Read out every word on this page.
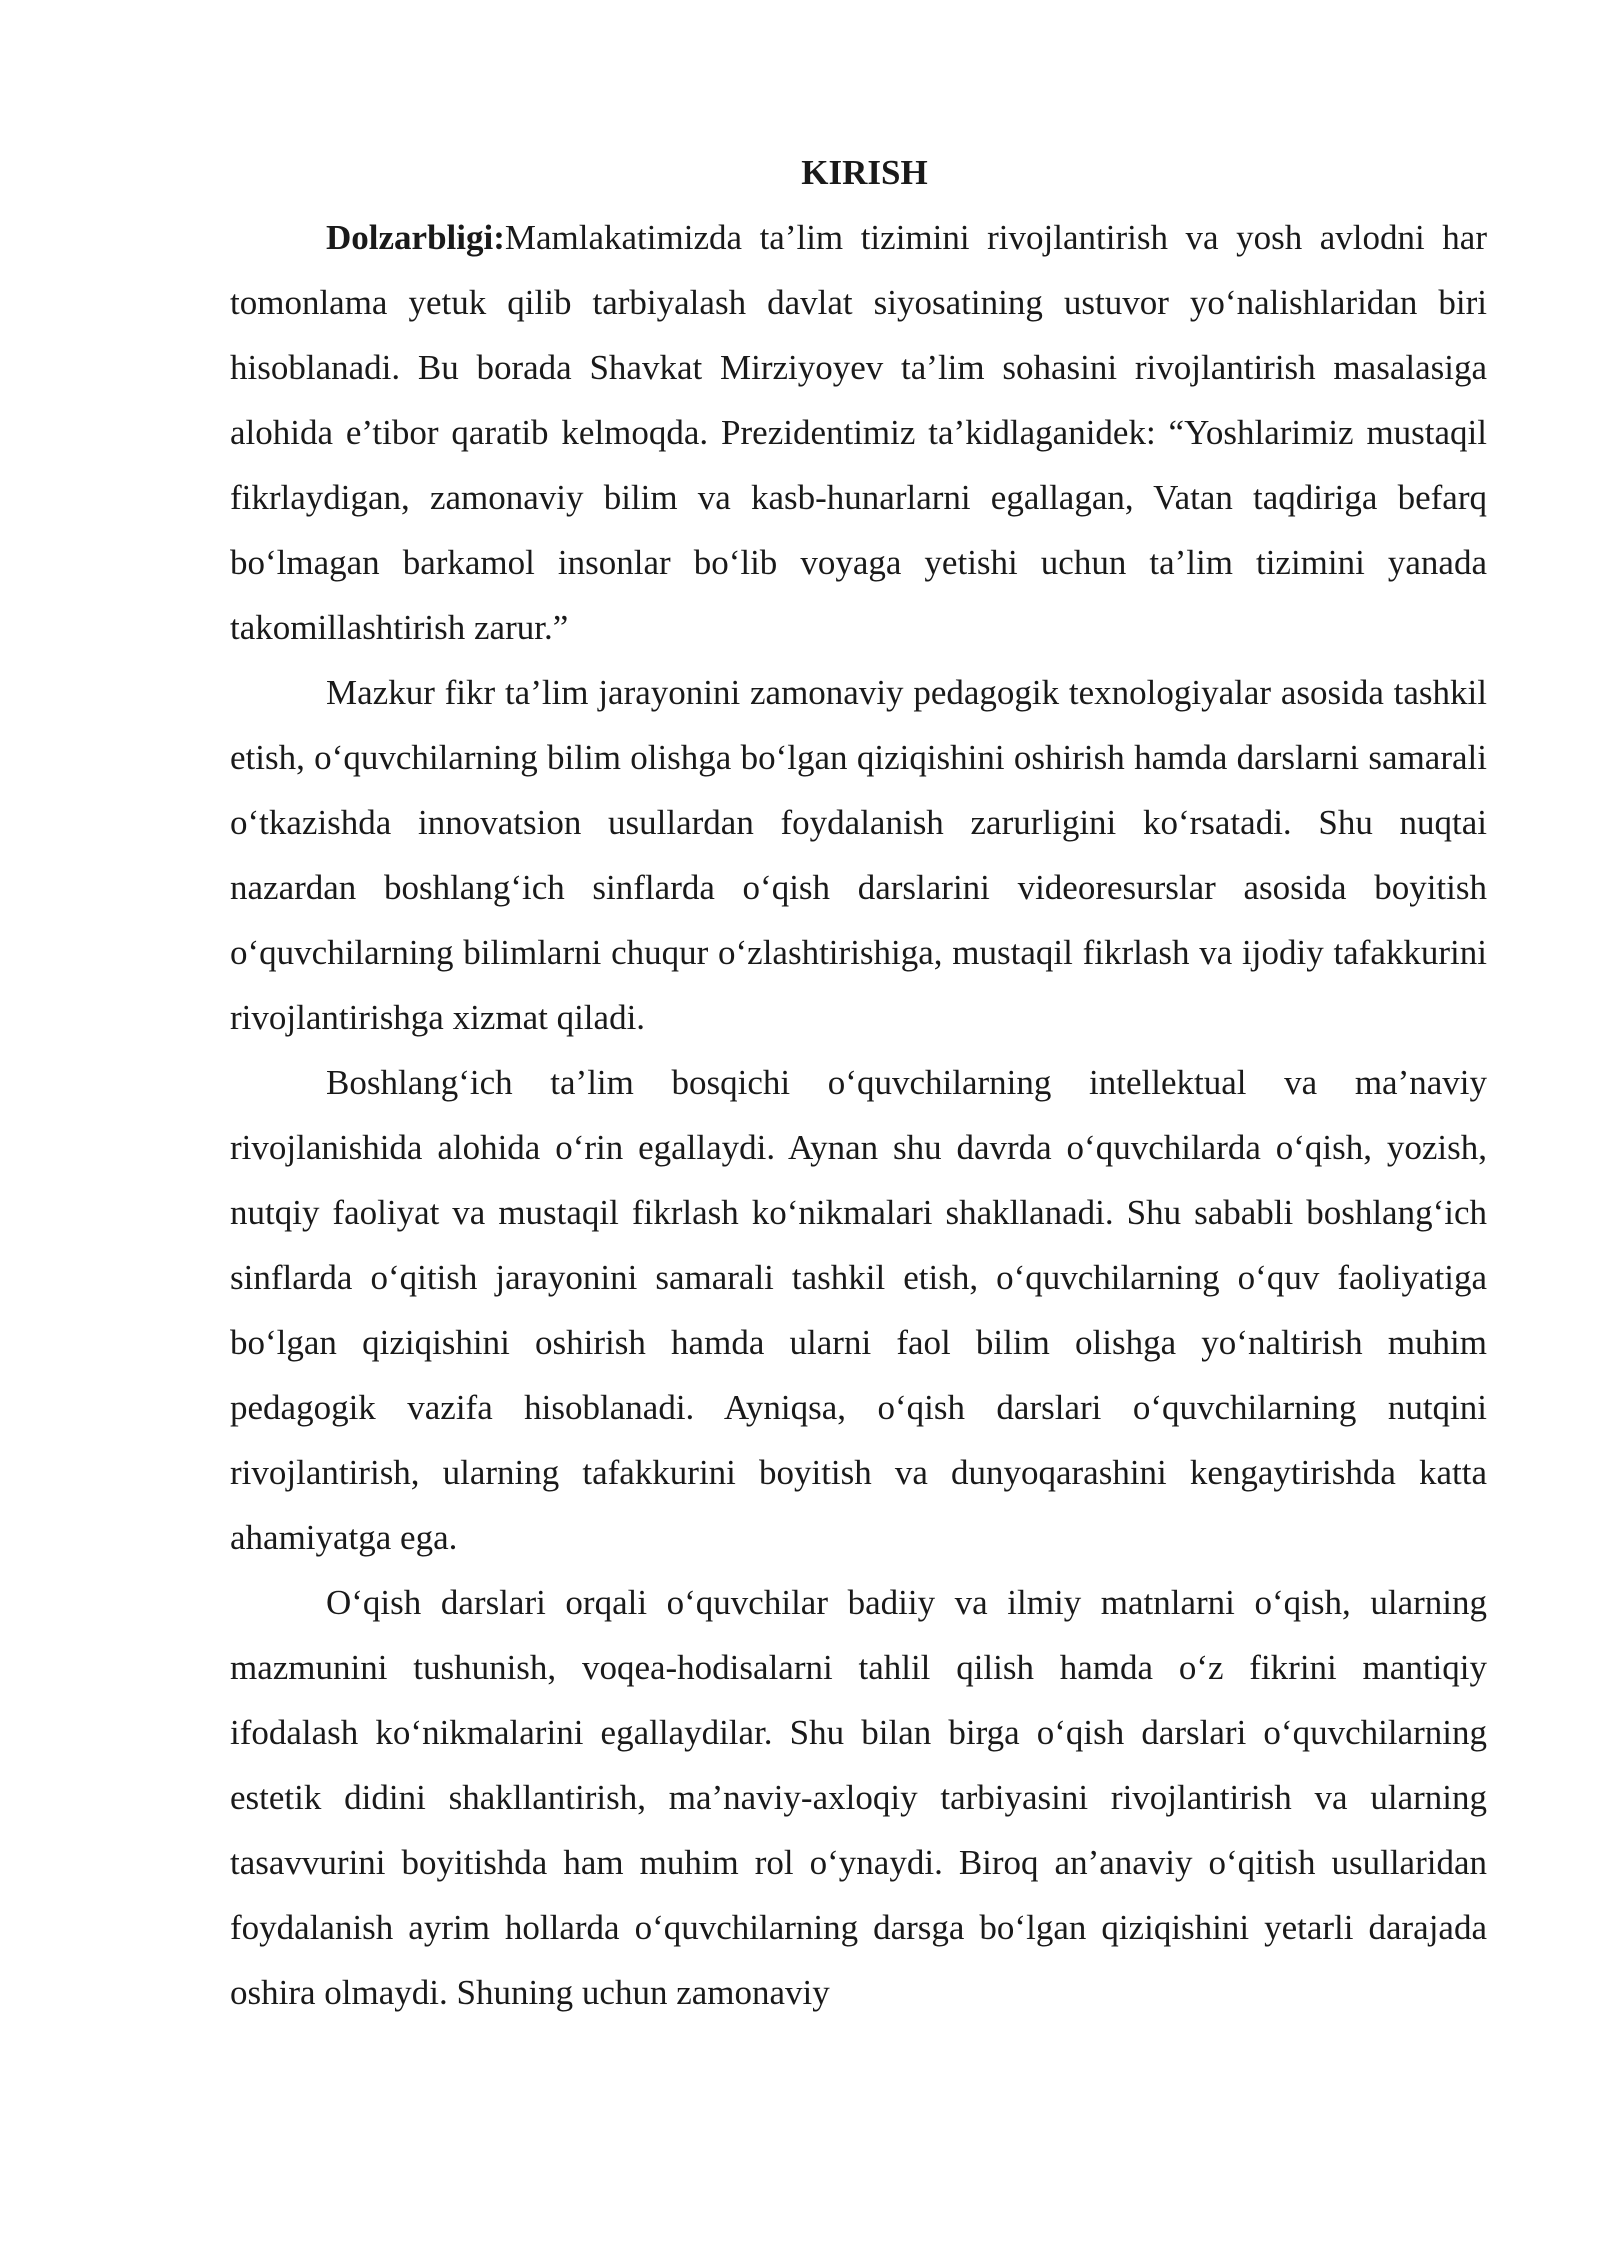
KIRISH

Dolzarbligi:Mamlakatimizda ta’lim tizimini rivojlantirish va yosh avlodni har tomonlama yetuk qilib tarbiyalash davlat siyosatining ustuvor yo‘nalishlaridan biri hisoblanadi. Bu borada Shavkat Mirziyoyev ta’lim sohasini rivojlantirish masalasiga alohida e’tibor qaratib kelmoqda. Prezidentimiz ta’kidlaganidek: “Yoshlarimiz mustaqil fikrlaydigan, zamonaviy bilim va kasb-hunarlarni egallagan, Vatan taqdiriga befarq bo‘lmagan barkamol insonlar bo‘lib voyaga yetishi uchun ta’lim tizimini yanada takomillashtirish zarur.”

Mazkur fikr ta’lim jarayonini zamonaviy pedagogik texnologiyalar asosida tashkil etish, o‘quvchilarning bilim olishga bo‘lgan qiziqishini oshirish hamda darslarni samarali o‘tkazishda innovatsion usullardan foydalanish zarurligini ko‘rsatadi. Shu nuqtai nazardan boshlang‘ich sinflarda o‘qish darslarini videoresurslar asosida boyitish o‘quvchilarning bilimlarni chuqur o‘zlashtirishiga, mustaqil fikrlash va ijodiy tafakkurini rivojlantirishga xizmat qiladi.

Boshlang‘ich ta’lim bosqichi o‘quvchilarning intellektual va ma’naviy rivojlanishida alohida o‘rin egallaydi. Aynan shu davrda o‘quvchilarda o‘qish, yozish, nutqiy faoliyat va mustaqil fikrlash ko‘nikmalari shakllanadi. Shu sababli boshlang‘ich sinflarda o‘qitish jarayonini samarali tashkil etish, o‘quvchilarning o‘quv faoliyatiga bo‘lgan qiziqishini oshirish hamda ularni faol bilim olishga yo‘naltirish muhim pedagogik vazifa hisoblanadi. Ayniqsa, o‘qish darslari o‘quvchilarning nutqini rivojlantirish, ularning tafakkurini boyitish va dunyoqarashini kengaytirishda katta ahamiyatga ega.

O‘qish darslari orqali o‘quvchilar badiiy va ilmiy matnlarni o‘qish, ularning mazmunini tushunish, voqea-hodisalarni tahlil qilish hamda o‘z fikrini mantiqiy ifodalash ko‘nikmalarini egallaydilar. Shu bilan birga o‘qish darslari o‘quvchilarning estetik didini shakllantirish, ma’naviy-axloqiy tarbiyasini rivojlantirish va ularning tasavvurini boyitishda ham muhim rol o‘ynaydi. Biroq an’anaviy o‘qitish usullaridan foydalanish ayrim hollarda o‘quvchilarning darsga bo‘lgan qiziqishini yetarli darajada oshira olmaydi. Shuning uchun zamonaviy
